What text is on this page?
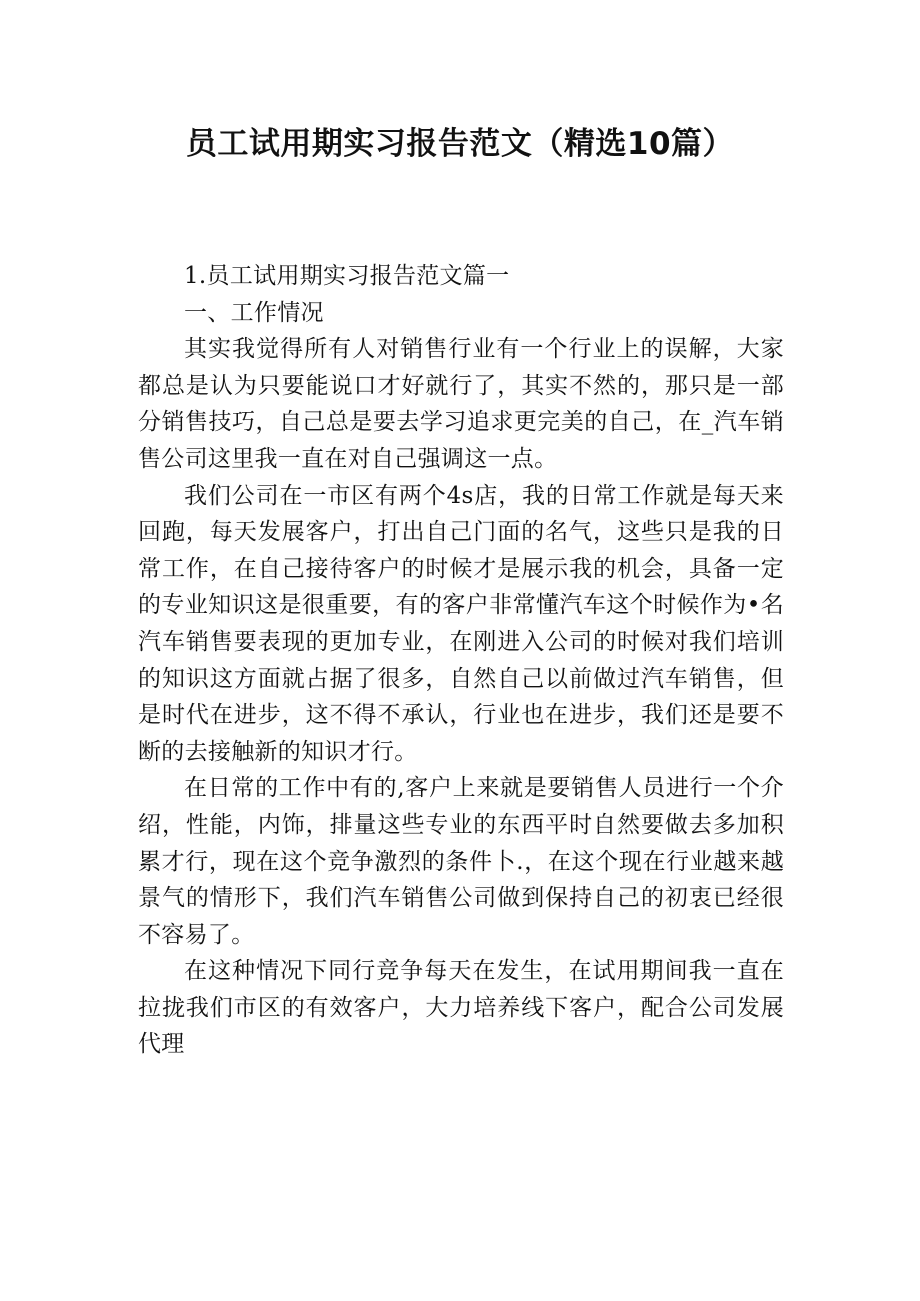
员工试用期实习报告范文（精选10篇）

1.员工试用期实习报告范文篇一

一、工作情况

其实我觉得所有人对销售行业有一个行业上的误解，大家都总是认为只要能说口才好就行了，其实不然的，那只是一部分销售技巧，自己总是要去学习追求更完美的自己，在_汽车销售公司这里我一直在对自己强调这一点。

我们公司在一市区有两个4s店，我的日常工作就是每天来回跑，每天发展客户，打出自己门面的名气，这些只是我的日常工作，在自己接待客户的时候才是展示我的机会，具备一定的专业知识这是很重要，有的客户非常懂汽车这个时候作为•名汽车销售要表现的更加专业，在刚进入公司的时候对我们培训的知识这方面就占据了很多，自然自己以前做过汽车销售，但是时代在进步，这不得不承认，行业也在进步，我们还是要不断的去接触新的知识才行。

在日常的工作中有的,客户上来就是要销售人员进行一个介绍，性能，内饰，排量这些专业的东西平时自然要做去多加积累才行，现在这个竞争激烈的条件卜.，在这个现在行业越来越景气的情形下，我们汽车销售公司做到保持自己的初衷已经很不容易了。

在这种情况下同行竞争每天在发生，在试用期间我一直在拉拢我们市区的有效客户，大力培养线下客户，配合公司发展代理
